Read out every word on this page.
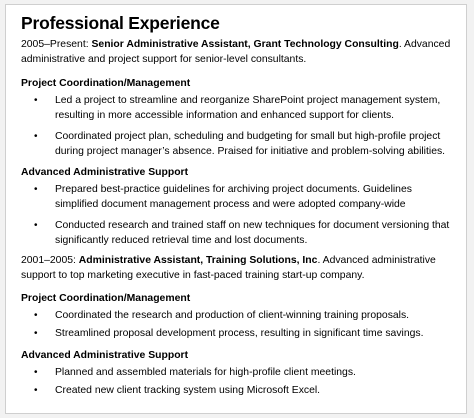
Professional Experience

2005–Present: Senior Administrative Assistant, Grant Technology Consulting. Advanced administrative and project support for senior-level consultants.

Project Coordination/Management
• Led a project to streamline and reorganize SharePoint project management system, resulting in more accessible information and enhanced support for clients.
• Coordinated project plan, scheduling and budgeting for small but high-profile project during project manager’s absence. Praised for initiative and problem-solving abilities.
Advanced Administrative Support
• Prepared best-practice guidelines for archiving project documents. Guidelines simplified document management process and were adopted company-wide
• Conducted research and trained staff on new techniques for document versioning that significantly reduced retrieval time and lost documents.

2001–2005: Administrative Assistant, Training Solutions, Inc. Advanced administrative support to top marketing executive in fast-paced training start-up company.

Project Coordination/Management
• Coordinated the research and production of client-winning training proposals.
• Streamlined proposal development process, resulting in significant time savings.
Advanced Administrative Support
• Planned and assembled materials for high-profile client meetings.
• Created new client tracking system using Microsoft Excel.
